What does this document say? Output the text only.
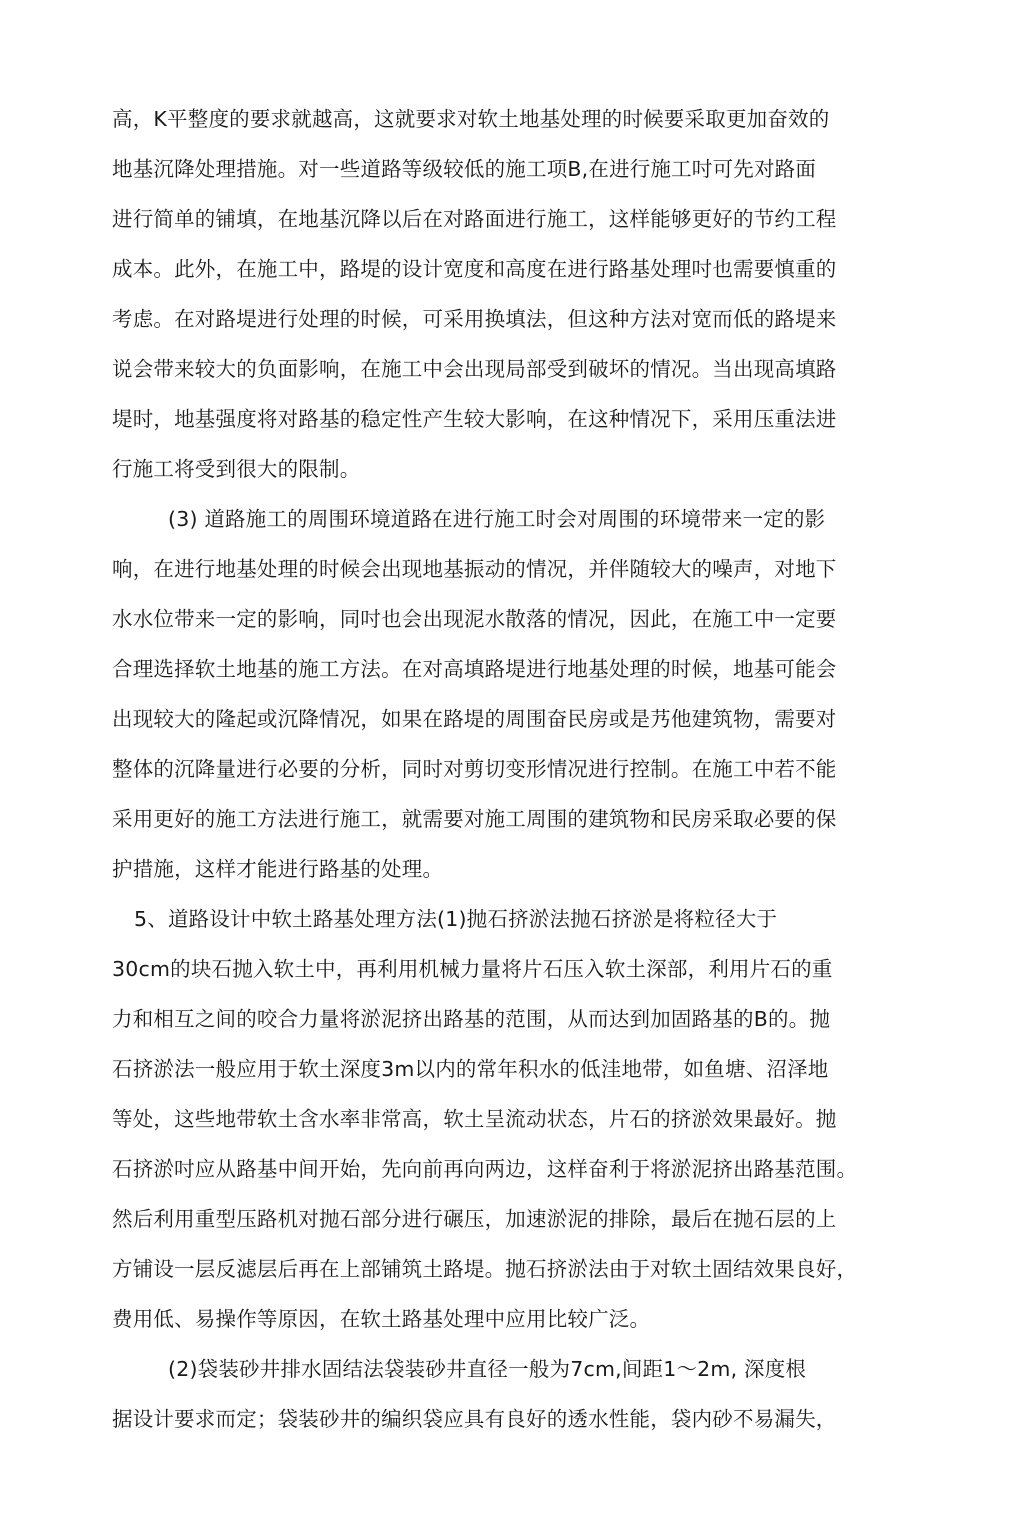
高，K平整度的要求就越高，这就要求对软土地基处理的时候要采取更加奋效的
地基沉降处理措施。对一些道路等级较低的施工项B,在进行施工吋可先对路面
进行简单的铺填，在地基沉降以后在对路面进行施工，这样能够更好的节约工程
成本。此外，在施工中，路堤的设计宽度和高度在进行路基处理吋也需要慎重的
考虑。在对路堤进行处理的时候，可采用换填法，但这种方法对宽而低的路堤来
说会带来较大的负面影响，在施工中会出现局部受到破坏的情况。当出现高填路
堤时，地基强度将对路基的稳定性产生较大影响，在这种情况下，采用压重法进
行施工将受到很大的限制。
(3) 道路施工的周围环境道路在进行施工时会对周围的环境带来一定的影
响，在进行地基处理的时候会出现地基振动的情况，并伴随较大的噪声，对地下
水水位带来一定的影响，同吋也会出现泥水散落的情况，因此，在施工中一定要
合理选择软土地基的施工方法。在对高填路堤进行地基处理的时候，地基可能会
出现较大的隆起或沉降情况，如果在路堤的周围奋民房或是艿他建筑物，需要对
整体的沉降量进行必要的分析，同时对剪切变形情况进行控制。在施工中若不能
采用更好的施工方法进行施工，就需要对施工周围的建筑物和民房采取必要的保
护措施，这样才能进行路基的处理。
5、道路设计中软土路基处理方法(1)抛石挤淤法抛石挤淤是将粒径大于
30cm的块石抛入软土中，再利用机械力量将片石压入软土深部，利用片石的重
力和相互之间的咬合力量将淤泥挤出路基的范围，从而达到加固路基的B的。抛
石挤淤法一般应用于软土深度3m以内的常年积水的低洼地带，如鱼塘、沼泽地
等处，这些地带软土含水率非常高，软土呈流动状态，片石的挤淤效果最好。抛
石挤淤吋应从路基中间开始，先向前再向两边，这样奋利于将淤泥挤出路基范围。
然后利用重型压路机对抛石部分进行碾压，加速淤泥的排除，最后在抛石层的上
方铺设一层反滤层后再在上部铺筑土路堤。抛石挤淤法由于对软土固结效果良好，
费用低、易操作等原因，在软土路基处理中应用比较广泛。
(2)袋装砂井排水固结法袋装砂井直径一般为7cm,间距1〜2m, 深度根
据设计要求而定；袋装砂井的编织袋应具有良好的透水性能，袋内砂不易漏失，
